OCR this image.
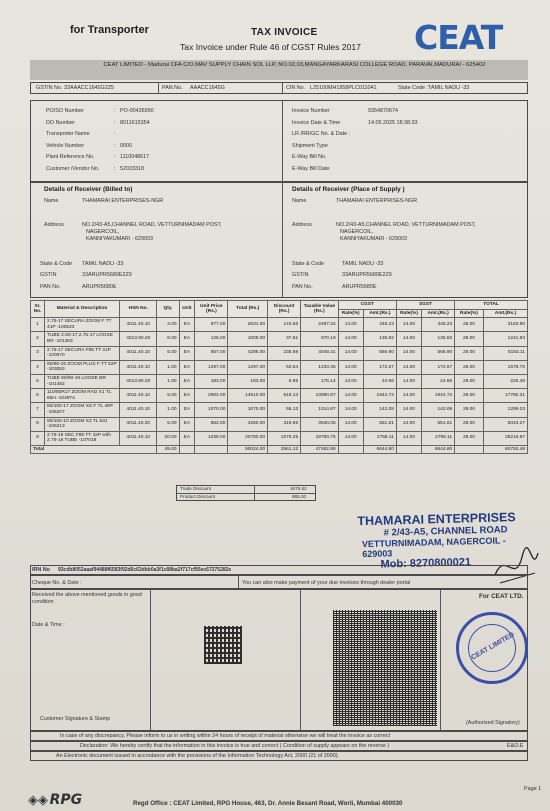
for Transporter	TAX INVOICE
Tax Invoice under Rule 46 of CGST Rules 2017 CEAT
CEAT LIMITED - Madurai CFA C/O.MAV SUPPLY CHAIN SOL LLP, NO.02,03,MANGAYARKARASI COLLEGE ROAD, PARAVAI,MADURAI - 625402
GSTIN No. 33AAACC1645G2Z5	PAN No. AAACC1645G	CIN No. L25100MH1958PLC011041	State Code :TAMIL NADU -33
PO/SO Number	: PO-00436990
DO Number	: 8011615354
Transporter Name	:
Vehicle Number	: 0000
Plant Reference No.	: 1110048617
Customer /Vendor No.	: 52033318
Invoice Number	9354870674
Invoice Date & Time	14.05.2025 18:38:33
LR /RR/GC No. & Date :
Shipment Type
E-Way Bill No.
E-Way Bill Date
Details of Receiver (Billed to)
Name	THAMARAI ENTERPRISES-NGR
Address	NO.2/43-A5,CHANNEL ROAD, VETTURNIMADAM POST,
NAGERCOIL,
KANNIYAKUMARI - 629003
State & Code TAMIL NADU -33
GSTIN	33ARUPR5680E2Z9
PAN No.	ARUPR5680E
Details of Receiver (Place of Supply )
Name	THAMARAI ENTERPRISES-NGR
Address	NO.2/43-A5,CHANNEL ROAD, VETTURNIMADAM POST,
NAGERCOIL,
KANNIYAKUMARI - 629003
State & Code	TAMIL NADU -33
GSTIN	33ARUPR5680E2Z9
PAN No.	ARUPR5680E
Sr. No.	Material & Description	HSN No.	Qty.	Unit	Unit Price (Rs.)	Total (Rs.)	Discount (Rs.)	Taxable Value (Rs.)	CGST		SGST		TOTAL	
									Rate(%)	Amt.(Rs.)	Rate(%)	Amt.(Rs.)	Rate(%)	Amt.(Rs.)
1	2.75-17 SECURA ZOOM F TT 41P -100523	4011.40.10	3.00	EA	877.00	2631.00	143.66	2487.34	14.00	348.23	14.00	348.23	28.00	3183.80
2	TUBE 2.50-17,2.75-17 LOOSE BR -101383	4013.90.20	8.00	EA	126.00	1008.00	37.81	970.19	14.00	135.82	14.00	135.82	28.00	1241.83
3	2.75-17 SECURA F85 TT 41P -100670	4011.40.10	5.00	EA	857.00	4285.00	235.69	4049.31	14.00	566.90	14.00	566.90	28.00	5183.11
4	90/90-19 ZOOM PLUS F TT 52P -103053	4011.40.10	1.00	EA	1297.00	1297.00	63.64	1233.36	14.00	172.67	14.00	172.67	28.00	1578.70
5	TUBE 90/90-19 LOOSE BR -101482	4013.90.20	1.00	EA	183.00	183.00	6.86	176.14	14.00	24.66	14.00	24.66	28.00	225.46
6	110/80R17 ZOOM RAD X1 TL 66H -104974	4011.40.10	5.00	EA	2902.00	14510.00	619.13	13890.87	14.00	1944.72	14.00	1944.72	28.00	17780.31
7	80/100-17 ZOOM XS F TL 46P -106207	4011.40.10	1.00	EA	1070.00	1070.00	55.13	1014.87	14.00	142.08	14.00	142.08	28.00	1299.03
8	90/100-10 ZOOM X3 TL 53J -106213	4011.40.20	5.00	EA	852.00	4260.00	319.95	3940.05	14.00	551.61	14.00	551.61	28.00	5043.27
9	2.75-18 SEC F85 TT 42P with 2.75-18 TUBE -107018	4011.40.10	20.00	EA	1039.00	20780.00	1079.25	19700.75	14.00	2758.11	14.00	2758.11	28.00	25216.97
Total			49.00			50024.00	2561.12	47462.88		6644.80		6644.80		60752.48
Trade Discount	1675.82
Product Discount	885.20
THAMARAI ENTERPRISES
# 2/43-A5, CHANNEL ROAD
VETTURNIMADAM, NAGERCOIL - 629003
Mob: 8270800021
IRN No 93cdb8052aaaf94488f6583f92d6c63dbb0a3f1c88ba2f717cf95ec67275282e
Cheque No. & Date :	You can also make payment of your due invoices through dealer portal
Received the above mentioned goods in good condition
Date & Time :
Customer Signature & Stamp
For CEAT LTD.
CEAT LIMITED
(Authorised Signatory)
In case of any discrepancy, Please inform to us in writing within 24 hours of receipt of material otherwise we will treat the invoice as correct
Declaration: We hereby certify that the information in this invoice is true and correct ( Condition of supply appears on the reverse )	E&O.E
An Electronic document issued in accordance with the provisions of the Information Technology Act, 2000 (21 of 2000).
Page 1
◈◈ RPG	Regd Office : CEAT Limited, RPG House, 463, Dr. Annie Besant Road, Worli, Mumbai 400030
